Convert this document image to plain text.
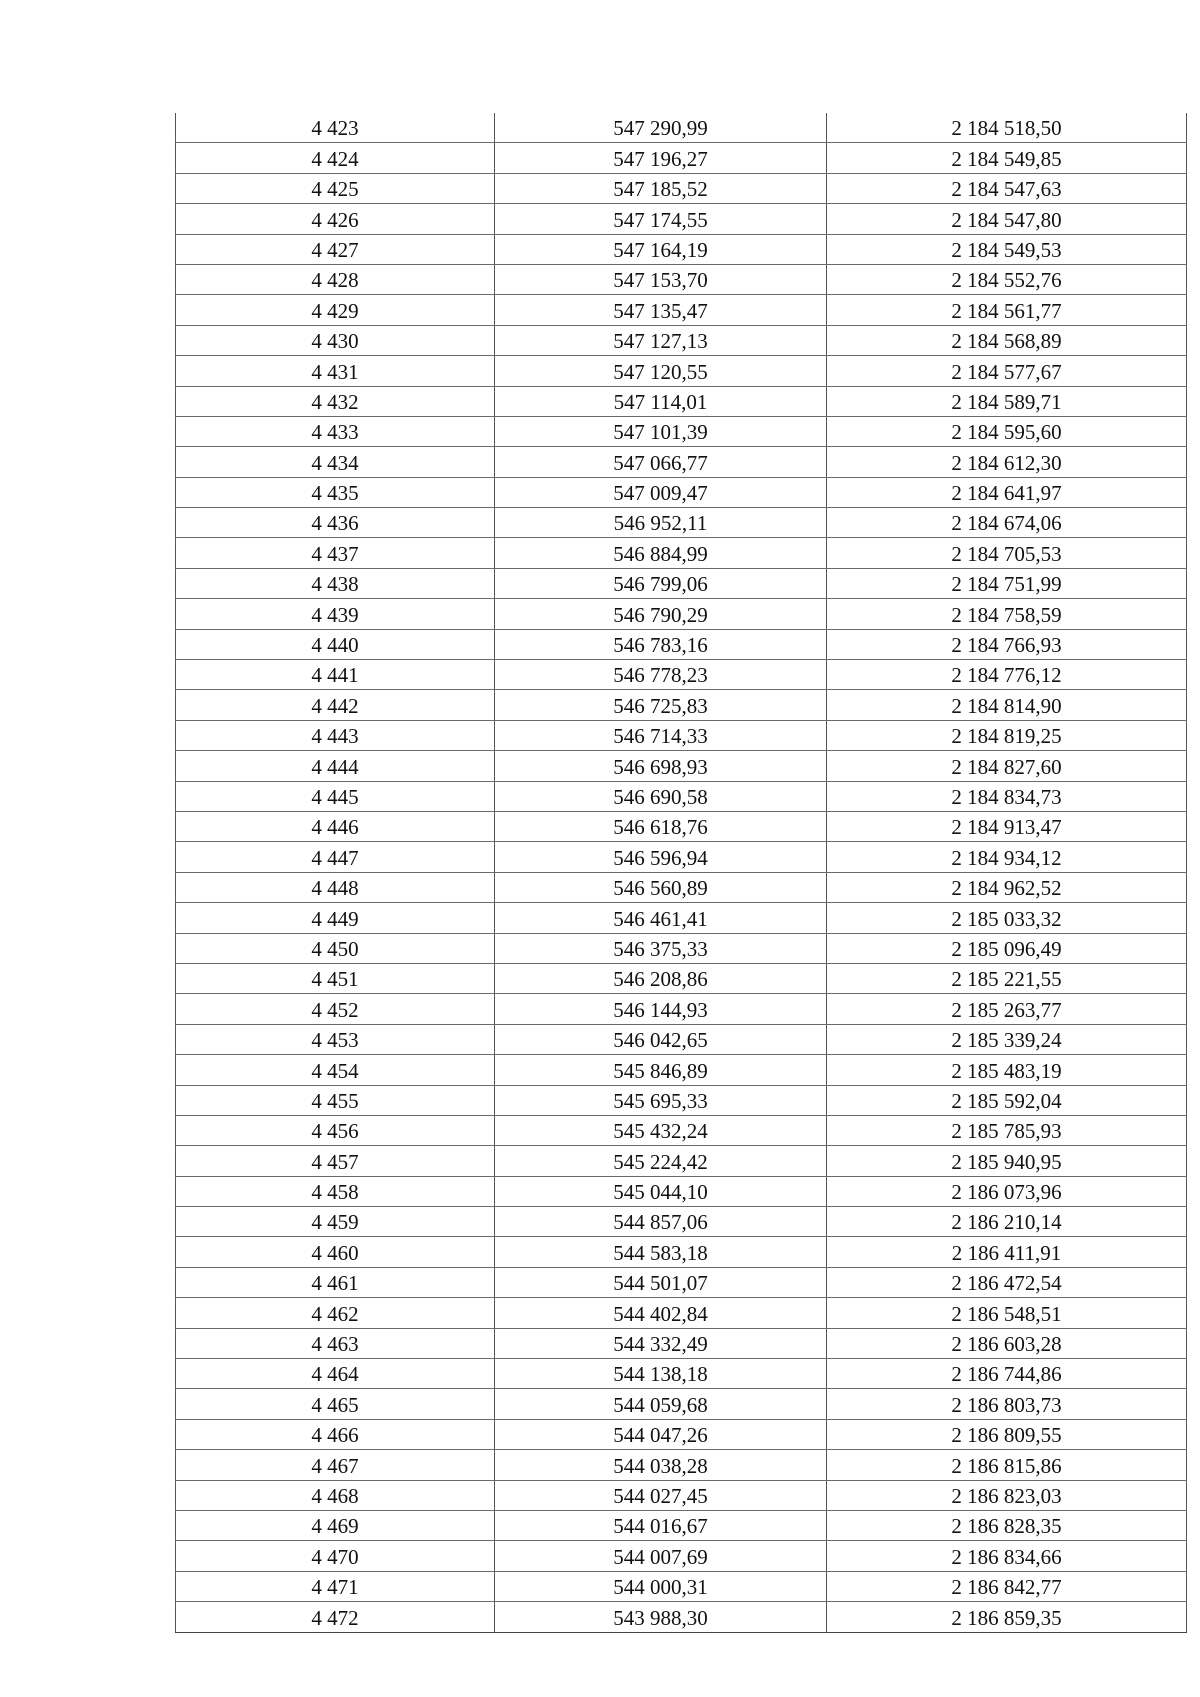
4 423	547 290,99	2 184 518,50
4 424	547 196,27	2 184 549,85
4 425	547 185,52	2 184 547,63
4 426	547 174,55	2 184 547,80
4 427	547 164,19	2 184 549,53
4 428	547 153,70	2 184 552,76
4 429	547 135,47	2 184 561,77
4 430	547 127,13	2 184 568,89
4 431	547 120,55	2 184 577,67
4 432	547 114,01	2 184 589,71
4 433	547 101,39	2 184 595,60
4 434	547 066,77	2 184 612,30
4 435	547 009,47	2 184 641,97
4 436	546 952,11	2 184 674,06
4 437	546 884,99	2 184 705,53
4 438	546 799,06	2 184 751,99
4 439	546 790,29	2 184 758,59
4 440	546 783,16	2 184 766,93
4 441	546 778,23	2 184 776,12
4 442	546 725,83	2 184 814,90
4 443	546 714,33	2 184 819,25
4 444	546 698,93	2 184 827,60
4 445	546 690,58	2 184 834,73
4 446	546 618,76	2 184 913,47
4 447	546 596,94	2 184 934,12
4 448	546 560,89	2 184 962,52
4 449	546 461,41	2 185 033,32
4 450	546 375,33	2 185 096,49
4 451	546 208,86	2 185 221,55
4 452	546 144,93	2 185 263,77
4 453	546 042,65	2 185 339,24
4 454	545 846,89	2 185 483,19
4 455	545 695,33	2 185 592,04
4 456	545 432,24	2 185 785,93
4 457	545 224,42	2 185 940,95
4 458	545 044,10	2 186 073,96
4 459	544 857,06	2 186 210,14
4 460	544 583,18	2 186 411,91
4 461	544 501,07	2 186 472,54
4 462	544 402,84	2 186 548,51
4 463	544 332,49	2 186 603,28
4 464	544 138,18	2 186 744,86
4 465	544 059,68	2 186 803,73
4 466	544 047,26	2 186 809,55
4 467	544 038,28	2 186 815,86
4 468	544 027,45	2 186 823,03
4 469	544 016,67	2 186 828,35
4 470	544 007,69	2 186 834,66
4 471	544 000,31	2 186 842,77
4 472	543 988,30	2 186 859,35
